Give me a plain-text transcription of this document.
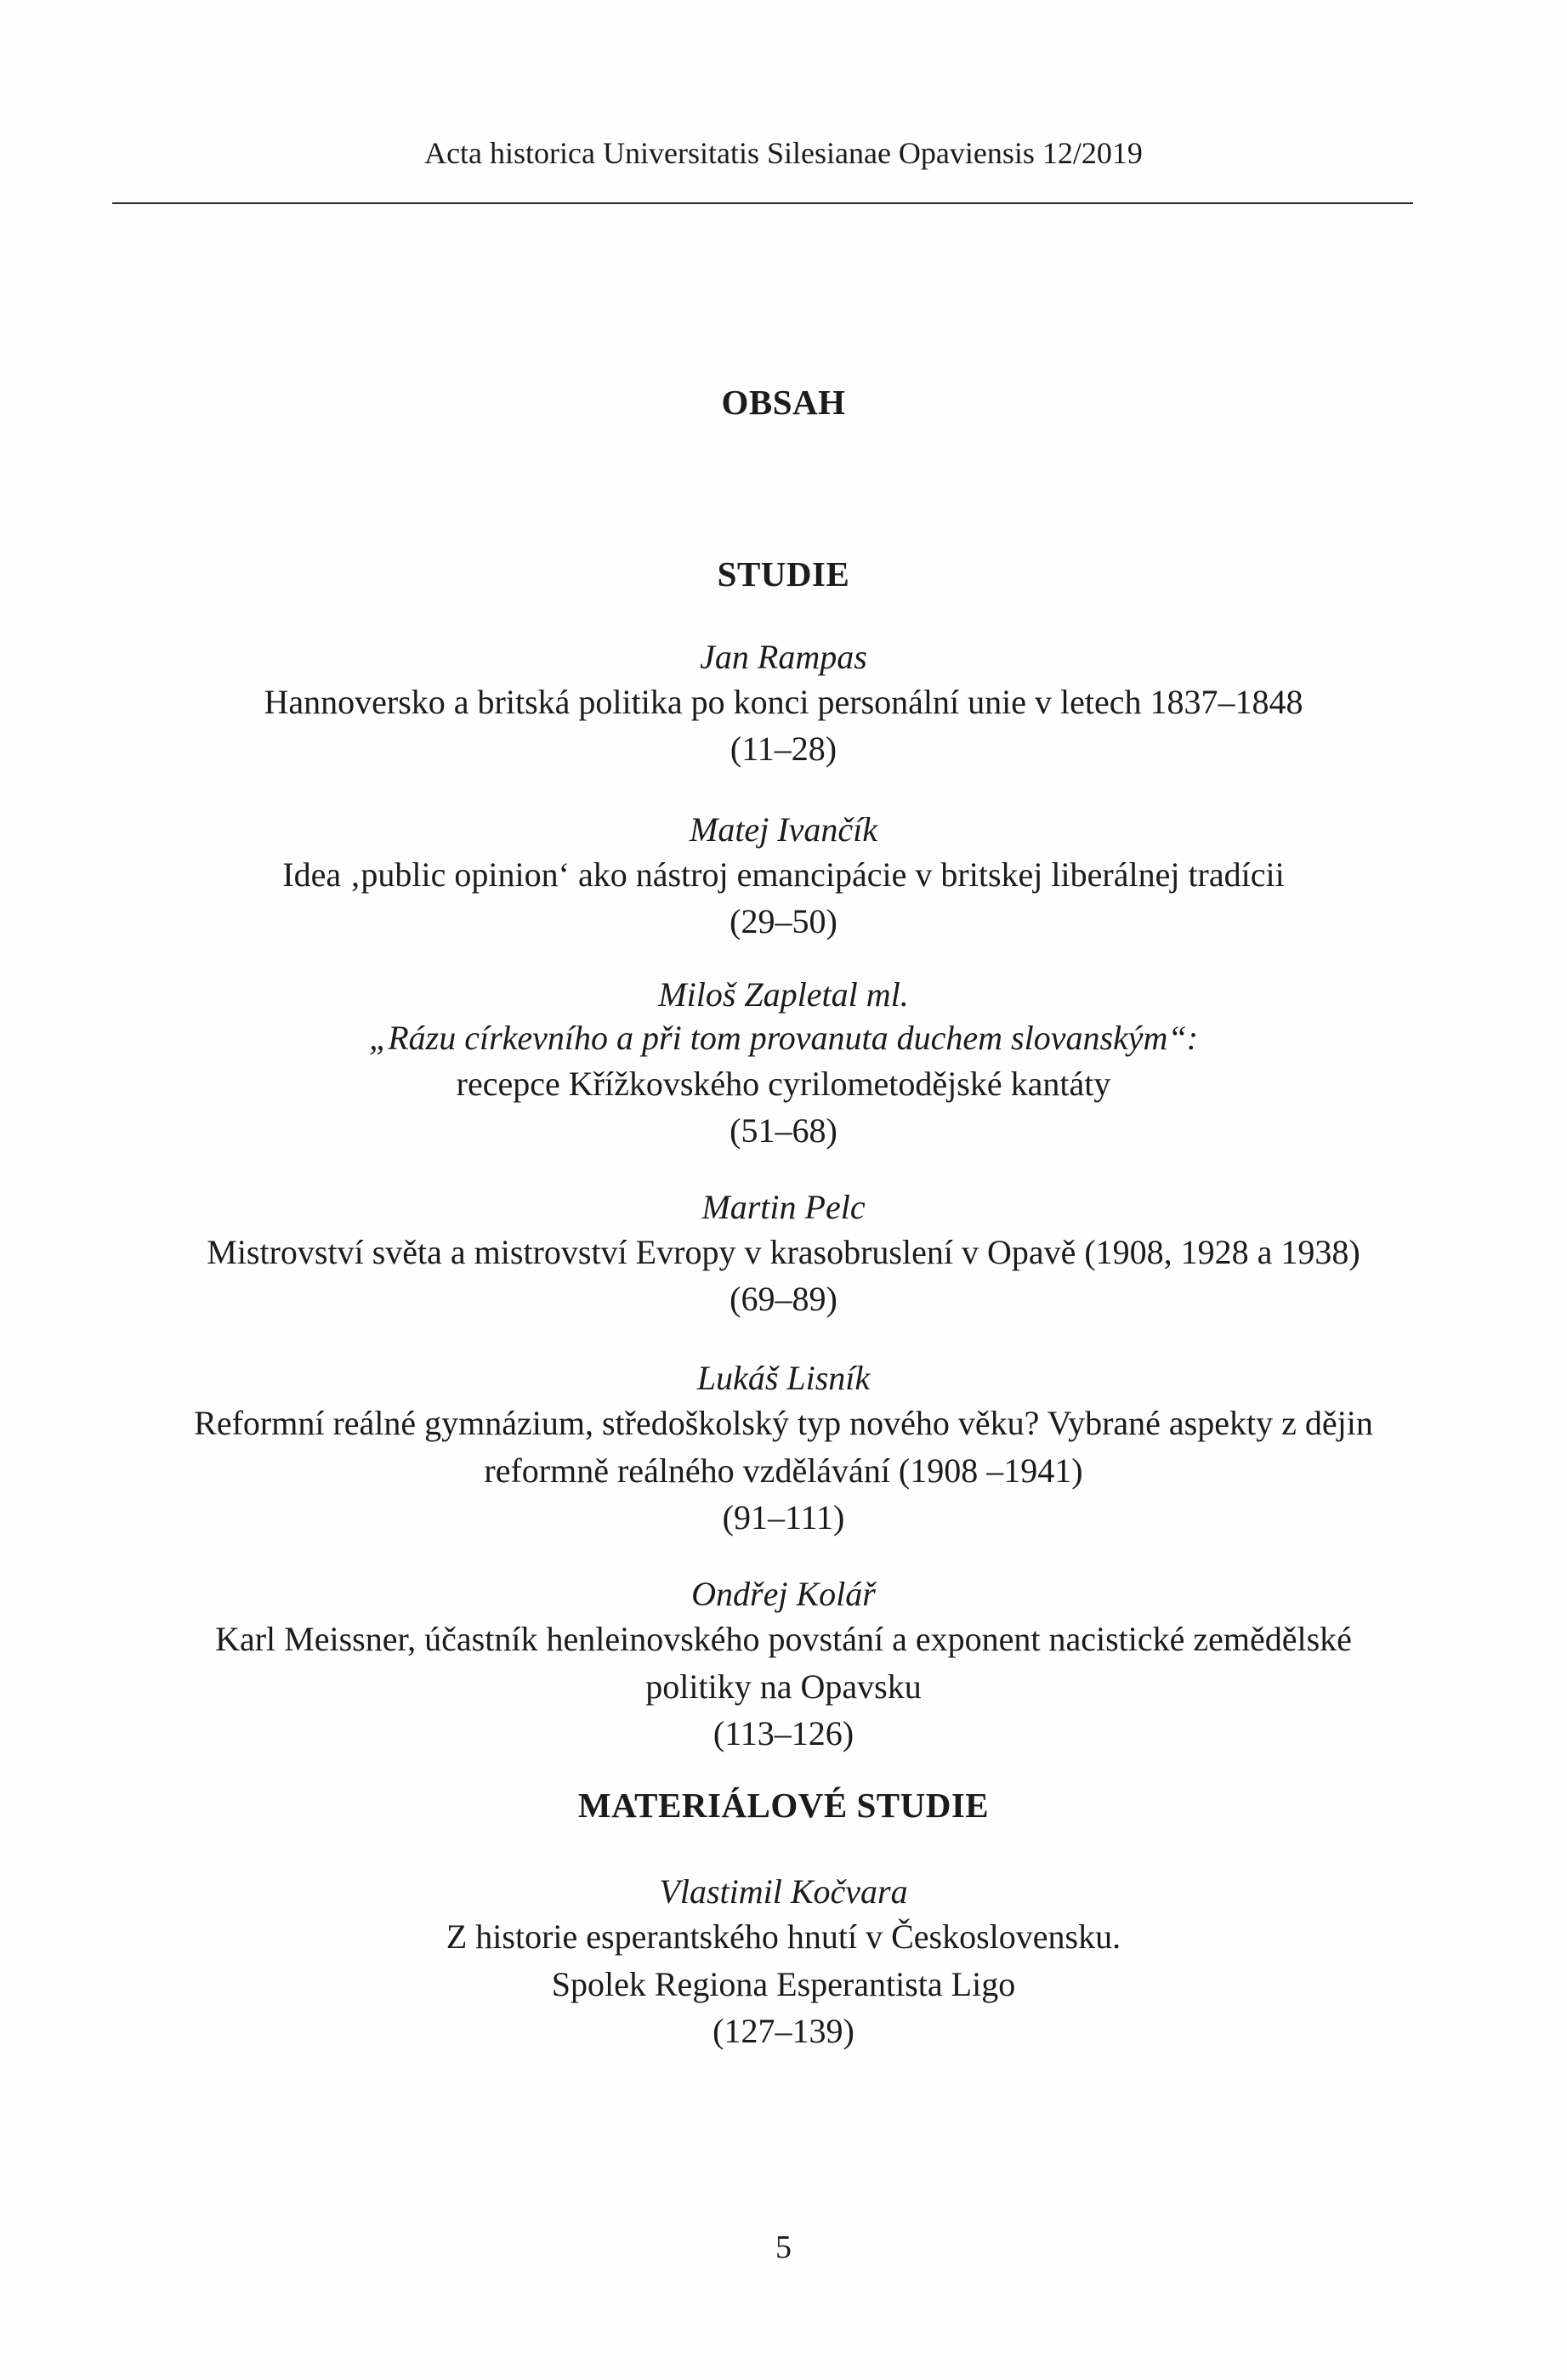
Acta historica Universitatis Silesianae Opaviensis 12/2019
OBSAH
STUDIE
Jan Rampas
Hannoversko a britská politika po konci personální unie v letech 1837–1848
(11–28)
Matej Ivančík
Idea ‚public opinion‘ ako nástroj emancipácie v britskej liberálnej tradícii
(29–50)
Miloš Zapletal ml.
„Rázu církevního a při tom provanuta duchem slovanským“:
recepce Křížkovského cyrilometodějské kantáty
(51–68)
Martin Pelc
Mistrovství světa a mistrovství Evropy v krasobruslení v Opavě (1908, 1928 a 1938)
(69–89)
Lukáš Lisník
Reformní reálné gymnázium, středoškolský typ nového věku? Vybrané aspekty z dějin
reformně reálného vzdělávání (1908 –1941)
(91–111)
Ondřej Kolář
Karl Meissner, účastník henleinovského povstání a exponent nacistické zemědělské
politiky na Opavsku
(113–126)
MATERIÁLOVÉ STUDIE
Vlastimil Kočvara
Z historie esperantského hnutí v Československu.
Spolek Regiona Esperantista Ligo
(127–139)
5
